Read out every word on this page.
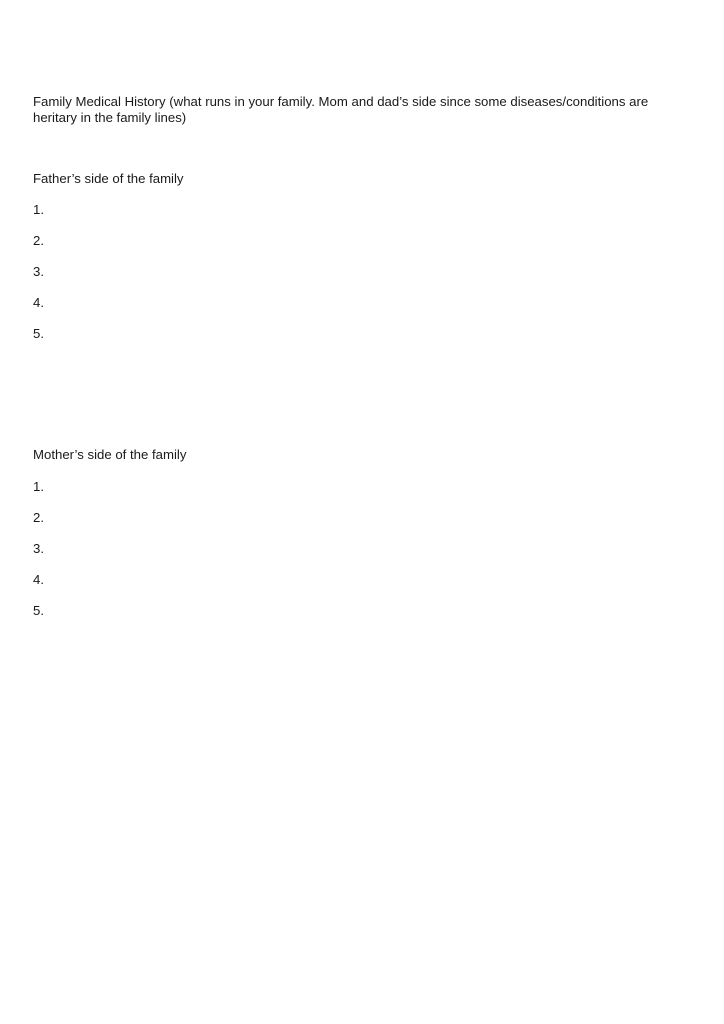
Family Medical History (what runs in your family. Mom and dad’s side since some diseases/conditions are
heritary in the family lines)
Father’s side of the family
1.
2.
3.
4.
5.
Mother’s side of the family
1.
2.
3.
4.
5.
